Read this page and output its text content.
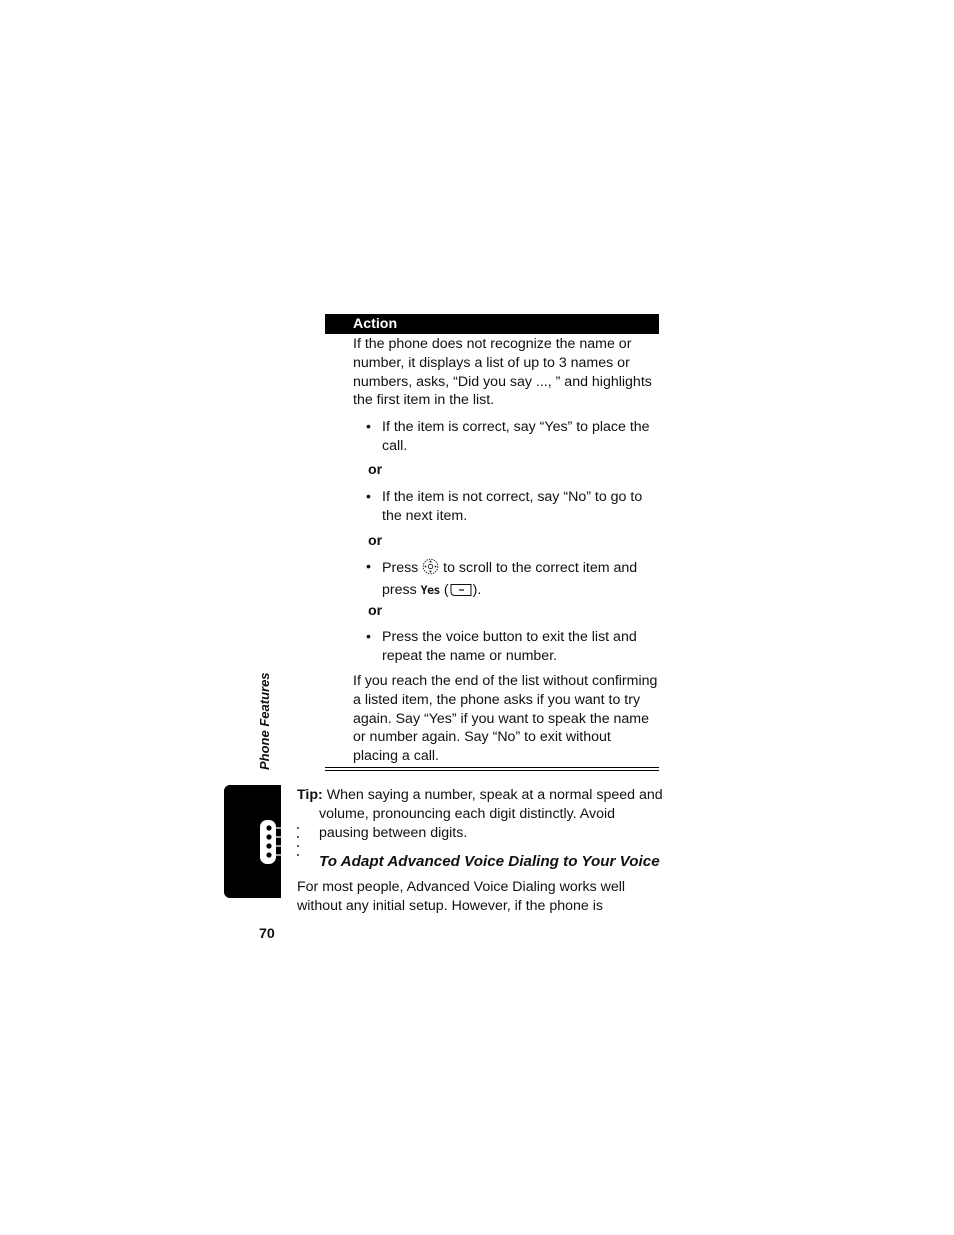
Action
If the phone does not recognize the name or
number, it displays a list of up to 3 names or
numbers, asks, “Did you say ..., ” and highlights
the first item in the list.
• If the item is correct, say “Yes” to place the
call.
or
• If the item is not correct, say “No” to go to
the next item.
or
• Press  to scroll to the correct item and
press Yes ( ).
or
• Press the voice button to exit the list and
repeat the name or number.
If you reach the end of the list without confirming
a listed item, the phone asks if you want to try
again. Say “Yes” if you want to speak the name
or number again. Say “No” to exit without
placing a call.
Phone Features
Tip: When saying a number, speak at a normal speed and
volume, pronouncing each digit distinctly. Avoid
pausing between digits.
To Adapt Advanced Voice Dialing to Your Voice
For most people, Advanced Voice Dialing works well
without any initial setup. However, if the phone is
70
